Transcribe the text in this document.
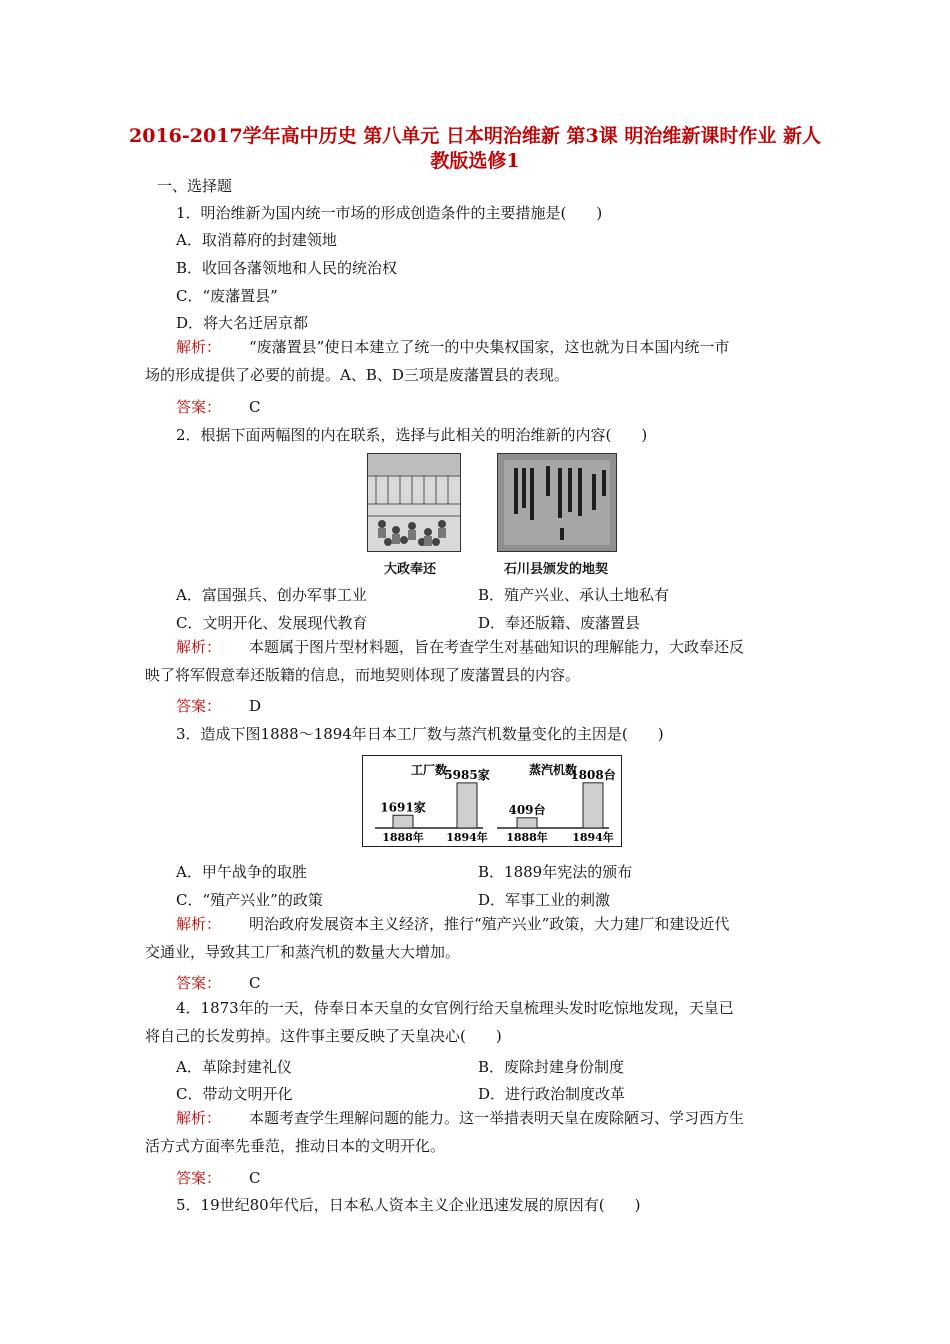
2016-2017学年高中历史 第八单元 日本明治维新 第3课 明治维新课时作业 新人教版选修1
一、选择题
1．明治维新为国内统一市场的形成创造条件的主要措施是(　　)
A．取消幕府的封建领地
B．收回各藩领地和人民的统治权
C．“废藩置县”
D．将大名迁居京都
解析： “废藩置县”使日本建立了统一的中央集权国家，这也就为日本国内统一市
场的形成提供了必要的前提。A、B、D三项是废藩置县的表现。
答案： C
2．根据下面两幅图的内在联系，选择与此相关的明治维新的内容(　　)
大政奉还	石川县颁发的地契
A．富国强兵、创办军事工业	B．殖产兴业、承认土地私有
C．文明开化、发展现代教育	D．奉还版籍、废藩置县
解析： 本题属于图片型材料题，旨在考查学生对基础知识的理解能力，大政奉还反
映了将军假意奉还版籍的信息，而地契则体现了废藩置县的内容。
答案： D
3．造成下图1888～1894年日本工厂数与蒸汽机数量变化的主因是(　　)
工厂数
1691家
1888年
5985家
1894年
蒸汽机数
409台
1888年
1808台
1894年
A．甲午战争的取胜	B．1889年宪法的颁布
C．“殖产兴业”的政策	D．军事工业的刺激
解析： 明治政府发展资本主义经济，推行“殖产兴业”政策，大力建厂和建设近代
交通业，导致其工厂和蒸汽机的数量大大增加。
答案： C
4．1873年的一天，侍奉日本天皇的女官例行给天皇梳理头发时吃惊地发现，天皇已
将自己的长发剪掉。这件事主要反映了天皇决心(　　)
A．革除封建礼仪	B．废除封建身份制度
C．带动文明开化	D．进行政治制度改革
解析： 本题考查学生理解问题的能力。这一举措表明天皇在废除陋习、学习西方生
活方式方面率先垂范，推动日本的文明开化。
答案： C
5．19世纪80年代后，日本私人资本主义企业迅速发展的原因有(　　)
